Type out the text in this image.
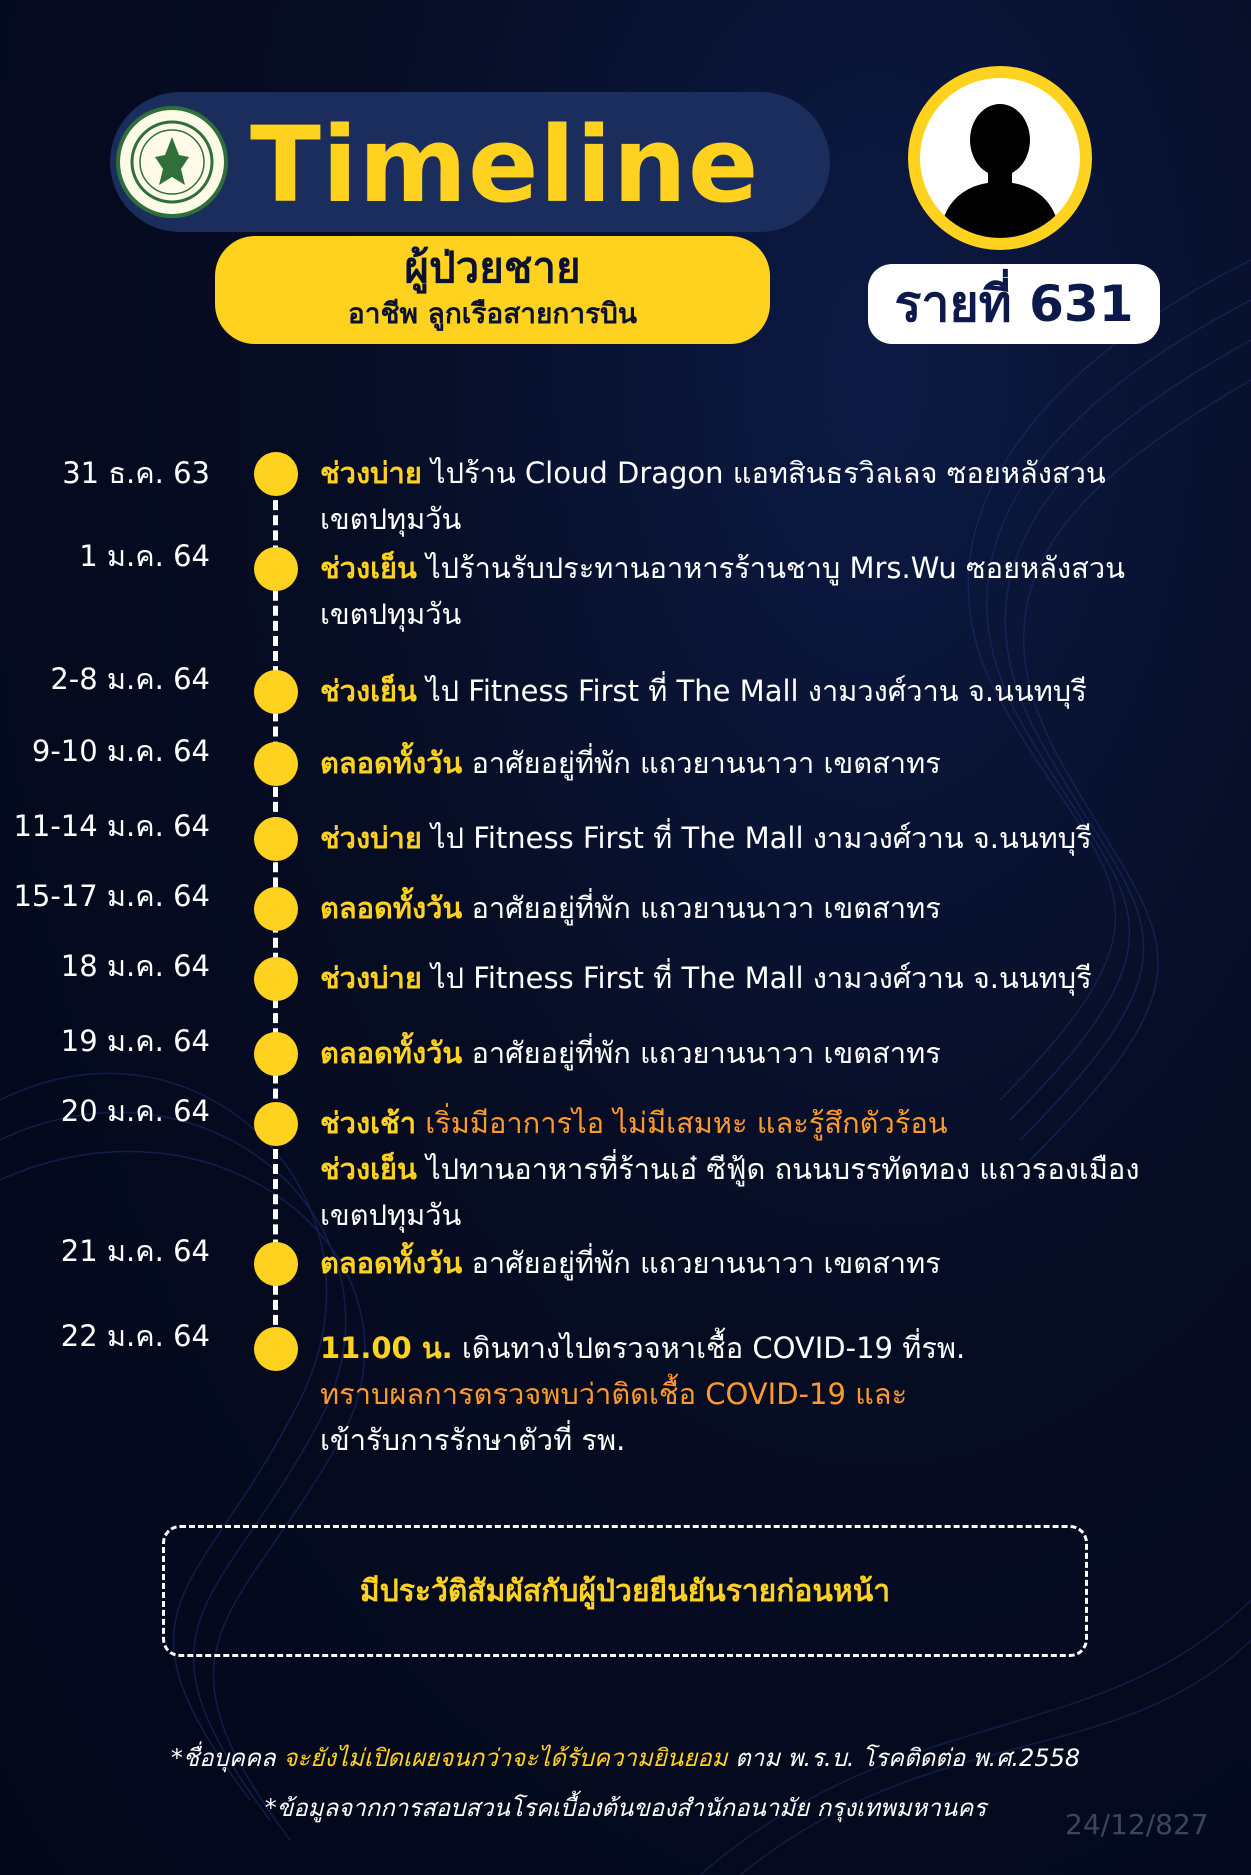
Timeline
ผู้ป่วยชาย
อาชีพ ลูกเรือสายการบิน	รายที่ 631
31 ธ.ค. 63	ช่วงบ่าย ไปร้าน Cloud Dragon แอทสินธรวิลเลจ ซอยหลังสวน
เขตปทุมวัน
1 ม.ค. 64	ช่วงเย็น ไปร้านรับประทานอาหารร้านชาบู Mrs.Wu ซอยหลังสวน
เขตปทุมวัน
2-8 ม.ค. 64	ช่วงเย็น ไป Fitness First ที่ The Mall งามวงศ์วาน จ.นนทบุรี
9-10 ม.ค. 64	ตลอดทั้งวัน อาศัยอยู่ที่พัก แถวยานนาวา เขตสาทร
11-14 ม.ค. 64	ช่วงบ่าย ไป Fitness First ที่ The Mall งามวงศ์วาน จ.นนทบุรี
15-17 ม.ค. 64	ตลอดทั้งวัน อาศัยอยู่ที่พัก แถวยานนาวา เขตสาทร
18 ม.ค. 64	ช่วงบ่าย ไป Fitness First ที่ The Mall งามวงศ์วาน จ.นนทบุรี
19 ม.ค. 64	ตลอดทั้งวัน อาศัยอยู่ที่พัก แถวยานนาวา เขตสาทร
20 ม.ค. 64	ช่วงเช้า เริ่มมีอาการไอ ไม่มีเสมหะ และรู้สึกตัวร้อน
ช่วงเย็น ไปทานอาหารที่ร้านเอ๋ ซีฟู้ด ถนนบรรทัดทอง แถวรองเมือง
เขตปทุมวัน
21 ม.ค. 64	ตลอดทั้งวัน อาศัยอยู่ที่พัก แถวยานนาวา เขตสาทร
22 ม.ค. 64	11.00 น. เดินทางไปตรวจหาเชื้อ COVID-19 ที่รพ.
ทราบผลการตรวจพบว่าติดเชื้อ COVID-19 และ
เข้ารับการรักษาตัวที่ รพ.
มีประวัติสัมผัสกับผู้ป่วยยืนยันรายก่อนหน้า
*ชื่อบุคคล จะยังไม่เปิดเผยจนกว่าจะได้รับความยินยอม ตาม พ.ร.บ. โรคติดต่อ พ.ศ.2558
*ข้อมูลจากการสอบสวนโรคเบื้องต้นของสำนักอนามัย กรุงเทพมหานคร	24/12/827
